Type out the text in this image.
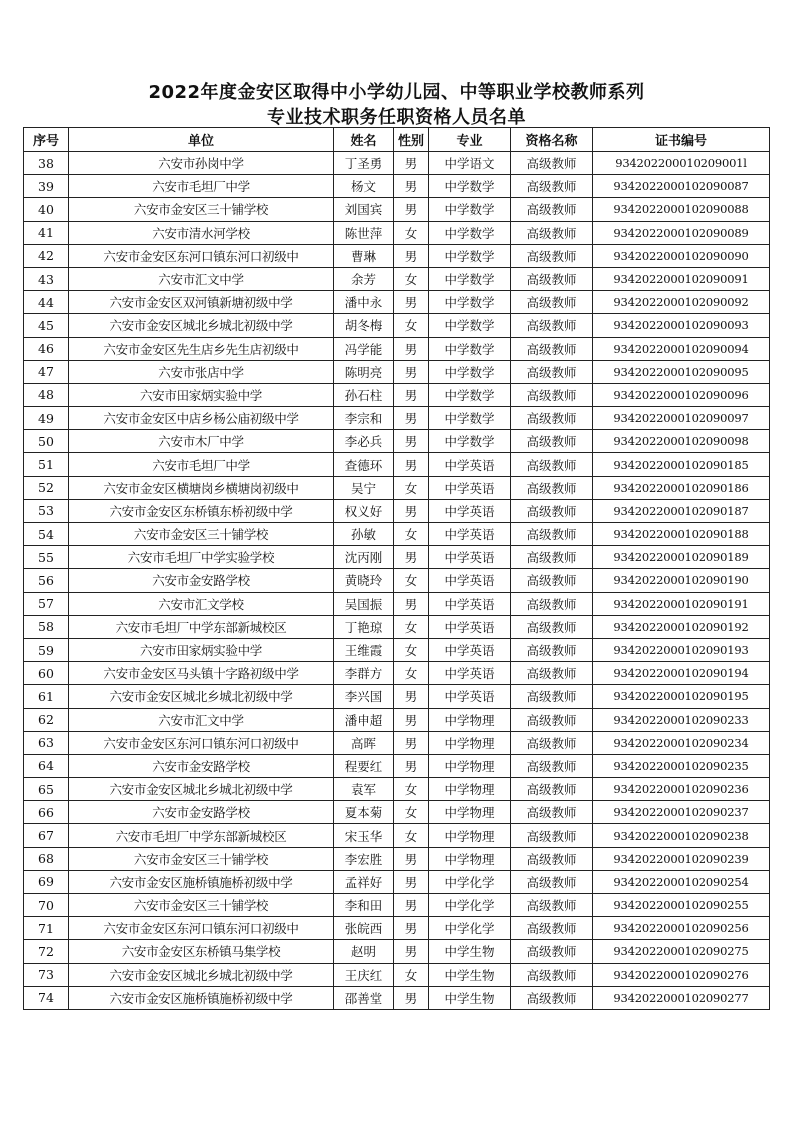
2022年度金安区取得中小学幼儿园、中等职业学校教师系列
专业技术职务任职资格人员名单
序号	单位	姓名	性别	专业	资格名称	证书编号
38	六安市孙岗中学	丁圣勇	男	中学语文	高级教师	934202200010209001l
39	六安市毛坦厂中学	杨文	男	中学数学	高级教师	9342022000102090087
40	六安市金安区三十铺学校	刘国宾	男	中学数学	高级教师	9342022000102090088
41	六安市清水河学校	陈世萍	女	中学数学	高级教师	9342022000102090089
42	六安市金安区东河口镇东河口初级中	曹琳	男	中学数学	高级教师	9342022000102090090
43	六安市汇文中学	余芳	女	中学数学	高级教师	9342022000102090091
44	六安市金安区双河镇新塘初级中学	潘中永	男	中学数学	高级教师	9342022000102090092
45	六安市金安区城北乡城北初级中学	胡冬梅	女	中学数学	高级教师	9342022000102090093
46	六安市金安区先生店乡先生店初级中	冯学能	男	中学数学	高级教师	9342022000102090094
47	六安市张店中学	陈明亮	男	中学数学	高级教师	9342022000102090095
48	六安市田家炳实验中学	孙石柱	男	中学数学	高级教师	9342022000102090096
49	六安市金安区中店乡杨公庙初级中学	李宗和	男	中学数学	高级教师	9342022000102090097
50	六安市木厂中学	李必兵	男	中学数学	高级教师	9342022000102090098
51	六安市毛坦厂中学	查德环	男	中学英语	高级教师	9342022000102090185
52	六安市金安区横塘岗乡横塘岗初级中	吴宁	女	中学英语	高级教师	9342022000102090186
53	六安市金安区东桥镇东桥初级中学	权义好	男	中学英语	高级教师	9342022000102090187
54	六安市金安区三十铺学校	孙敏	女	中学英语	高级教师	9342022000102090188
55	六安市毛坦厂中学实验学校	沈丙刚	男	中学英语	高级教师	9342022000102090189
56	六安市金安路学校	黄晓玲	女	中学英语	高级教师	9342022000102090190
57	六安市汇文学校	吴国振	男	中学英语	高级教师	9342022000102090191
58	六安市毛坦厂中学东部新城校区	丁艳琼	女	中学英语	高级教师	9342022000102090192
59	六安市田家炳实验中学	王维霞	女	中学英语	高级教师	9342022000102090193
60	六安市金安区马头镇十字路初级中学	李群方	女	中学英语	高级教师	9342022000102090194
61	六安市金安区城北乡城北初级中学	李兴国	男	中学英语	高级教师	9342022000102090195
62	六安市汇文中学	潘申超	男	中学物理	高级教师	9342022000102090233
63	六安市金安区东河口镇东河口初级中	高晖	男	中学物理	高级教师	9342022000102090234
64	六安市金安路学校	程要红	男	中学物理	高级教师	9342022000102090235
65	六安市金安区城北乡城北初级中学	袁军	女	中学物理	高级教师	9342022000102090236
66	六安市金安路学校	夏本菊	女	中学物理	高级教师	9342022000102090237
67	六安市毛坦厂中学东部新城校区	宋玉华	女	中学物理	高级教师	9342022000102090238
68	六安市金安区三十铺学校	李宏胜	男	中学物理	高级教师	9342022000102090239
69	六安市金安区施桥镇施桥初级中学	孟祥好	男	中学化学	高级教师	9342022000102090254
70	六安市金安区三十铺学校	李和田	男	中学化学	高级教师	9342022000102090255
71	六安市金安区东河口镇东河口初级中	张皖西	男	中学化学	高级教师	9342022000102090256
72	六安市金安区东桥镇马集学校	赵明	男	中学生物	高级教师	9342022000102090275
73	六安市金安区城北乡城北初级中学	王庆红	女	中学生物	高级教师	9342022000102090276
74	六安市金安区施桥镇施桥初级中学	邵善堂	男	中学生物	高级教师	9342022000102090277
